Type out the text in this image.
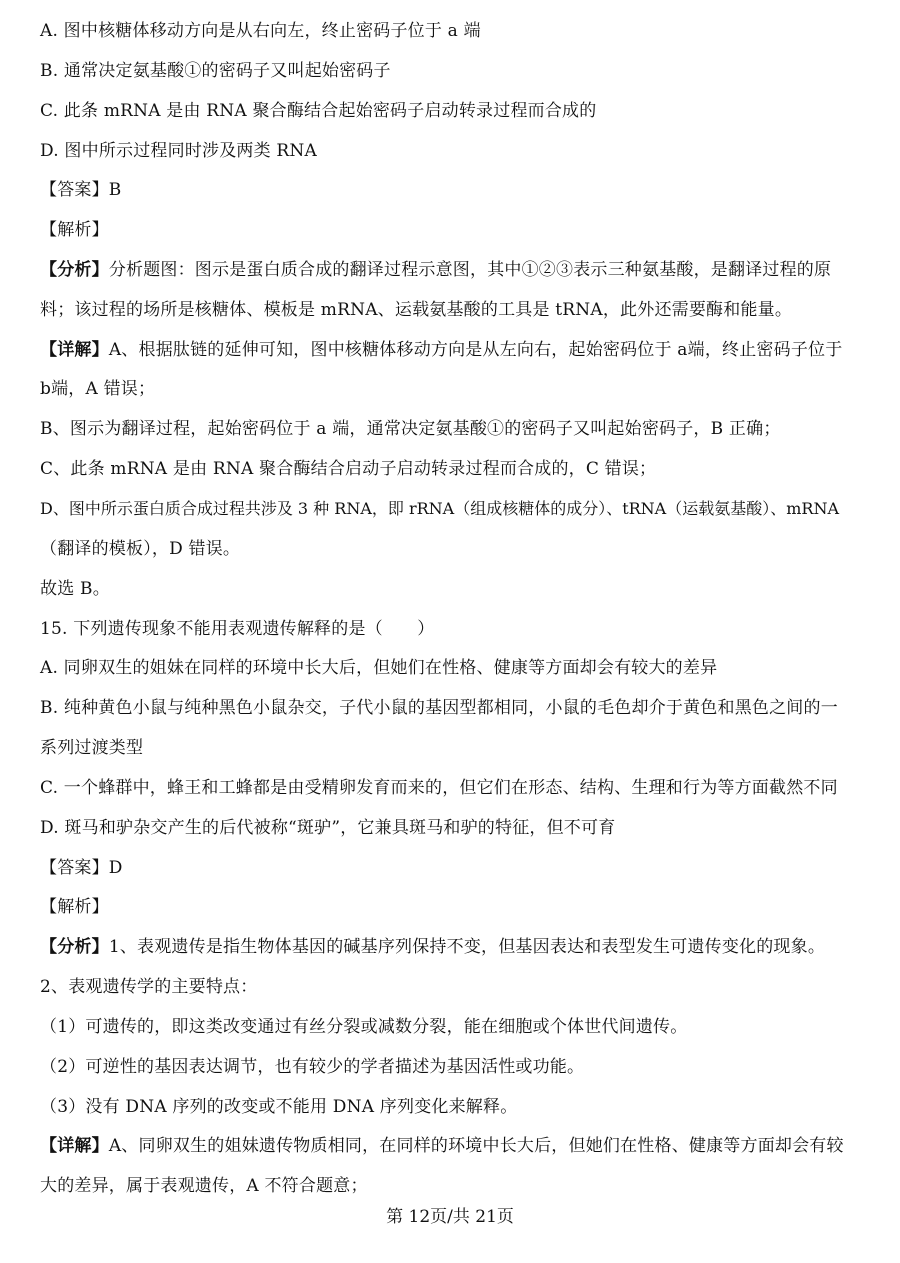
A. 图中核糖体移动方向是从右向左，终止密码子位于 a 端
B. 通常决定氨基酸①的密码子又叫起始密码子
C. 此条 mRNA 是由 RNA 聚合酶结合起始密码子启动转录过程而合成的
D. 图中所示过程同时涉及两类 RNA
【答案】B
【解析】
【分析】分析题图：图示是蛋白质合成的翻译过程示意图，其中①②③表示三种氨基酸，是翻译过程的原
料；该过程的场所是核糖体、模板是 mRNA、运载氨基酸的工具是 tRNA，此外还需要酶和能量。
【详解】A、根据肽链的延伸可知，图中核糖体移动方向是从左向右，起始密码位于 a端，终止密码子位于
b端，A 错误；
B、图示为翻译过程，起始密码位于 a 端，通常决定氨基酸①的密码子又叫起始密码子，B 正确；
C、此条 mRNA 是由 RNA 聚合酶结合启动子启动转录过程而合成的，C 错误；
D、图中所示蛋白质合成过程共涉及 3 种 RNA，即 rRNA（组成核糖体的成分）、tRNA（运载氨基酸）、mRNA
（翻译的模板），D 错误。
故选 B。
15. 下列遗传现象不能用表观遗传解释的是（　　）
A. 同卵双生的姐妹在同样的环境中长大后，但她们在性格、健康等方面却会有较大的差异
B. 纯种黄色小鼠与纯种黑色小鼠杂交，子代小鼠的基因型都相同，小鼠的毛色却介于黄色和黑色之间的一
系列过渡类型
C. 一个蜂群中，蜂王和工蜂都是由受精卵发育而来的，但它们在形态、结构、生理和行为等方面截然不同
D. 斑马和驴杂交产生的后代被称“斑驴”，它兼具斑马和驴的特征，但不可育
【答案】D
【解析】
【分析】1、表观遗传是指生物体基因的碱基序列保持不变，但基因表达和表型发生可遗传变化的现象。
2、表观遗传学的主要特点：
（1）可遗传的，即这类改变通过有丝分裂或减数分裂，能在细胞或个体世代间遗传。
（2）可逆性的基因表达调节，也有较少的学者描述为基因活性或功能。
（3）没有 DNA 序列的改变或不能用 DNA 序列变化来解释。
【详解】A、同卵双生的姐妹遗传物质相同，在同样的环境中长大后，但她们在性格、健康等方面却会有较
大的差异，属于表观遗传，A 不符合题意；
第 12页/共 21页
